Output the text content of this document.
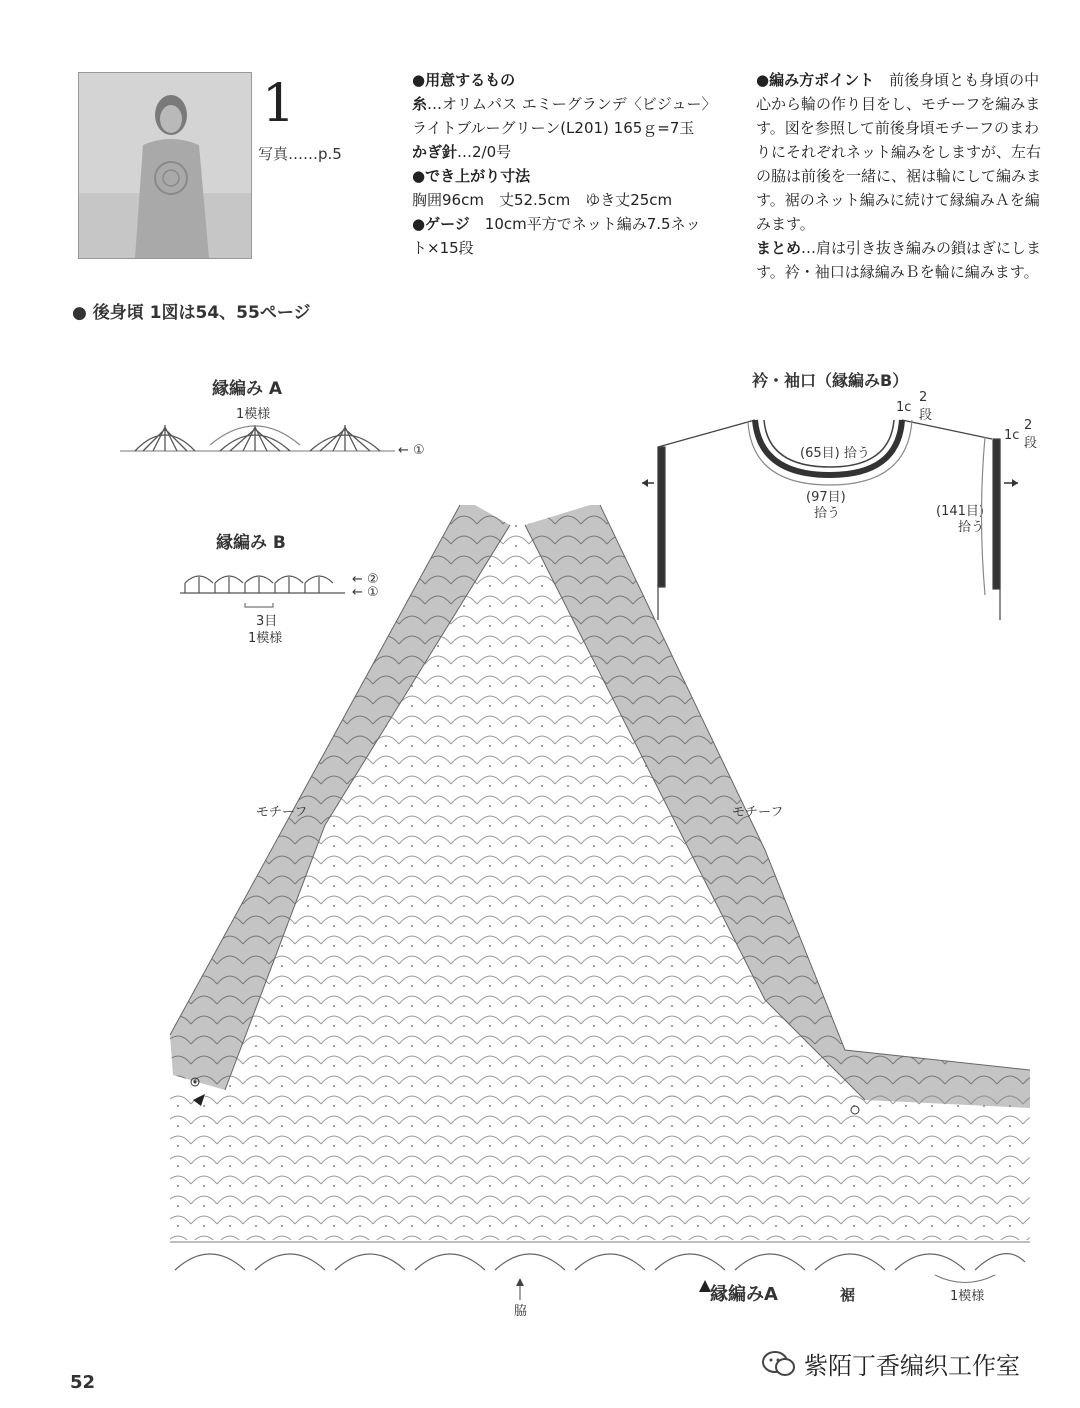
1
写真……p.5
●用意するもの
糸…オリムパス エミーグランデ〈ビジュー〉
ライトブルーグリーン(L201) 165ｇ=7玉
かぎ針…2/0号
●でき上がり寸法
胸囲96cm　丈52.5cm　ゆき丈25cm
●ゲージ　10cm平方でネット編み7.5ネッ
ト×15段
●編み方ポイント　前後身頃とも身頃の中
心から輪の作り目をし、モチーフを編みま
す。図を参照して前後身頃モチーフのまわ
りにそれぞれネット編みをしますが、左右
の脇は前後を一緒に、裾は輪にして編みま
す。裾のネット編みに続けて縁編みＡを編
みます。
まとめ…肩は引き抜き編みの鎖はぎにしま
す。衿・袖口は縁編みＢを輪に編みます。
● 後身頃 1図は54、55ページ
縁編み A
1模様
← ①
縁編み B
← ②
← ①
3目
1模様
衿・袖口（縁編みB）
1c
2
段
1c
2
段
(65目) 拾う
(97目)
拾う	(141目)
拾う
モチーフ	モチーフ
脇
縁編みA	裾	1模様
52
紫陌丁香编织工作室
